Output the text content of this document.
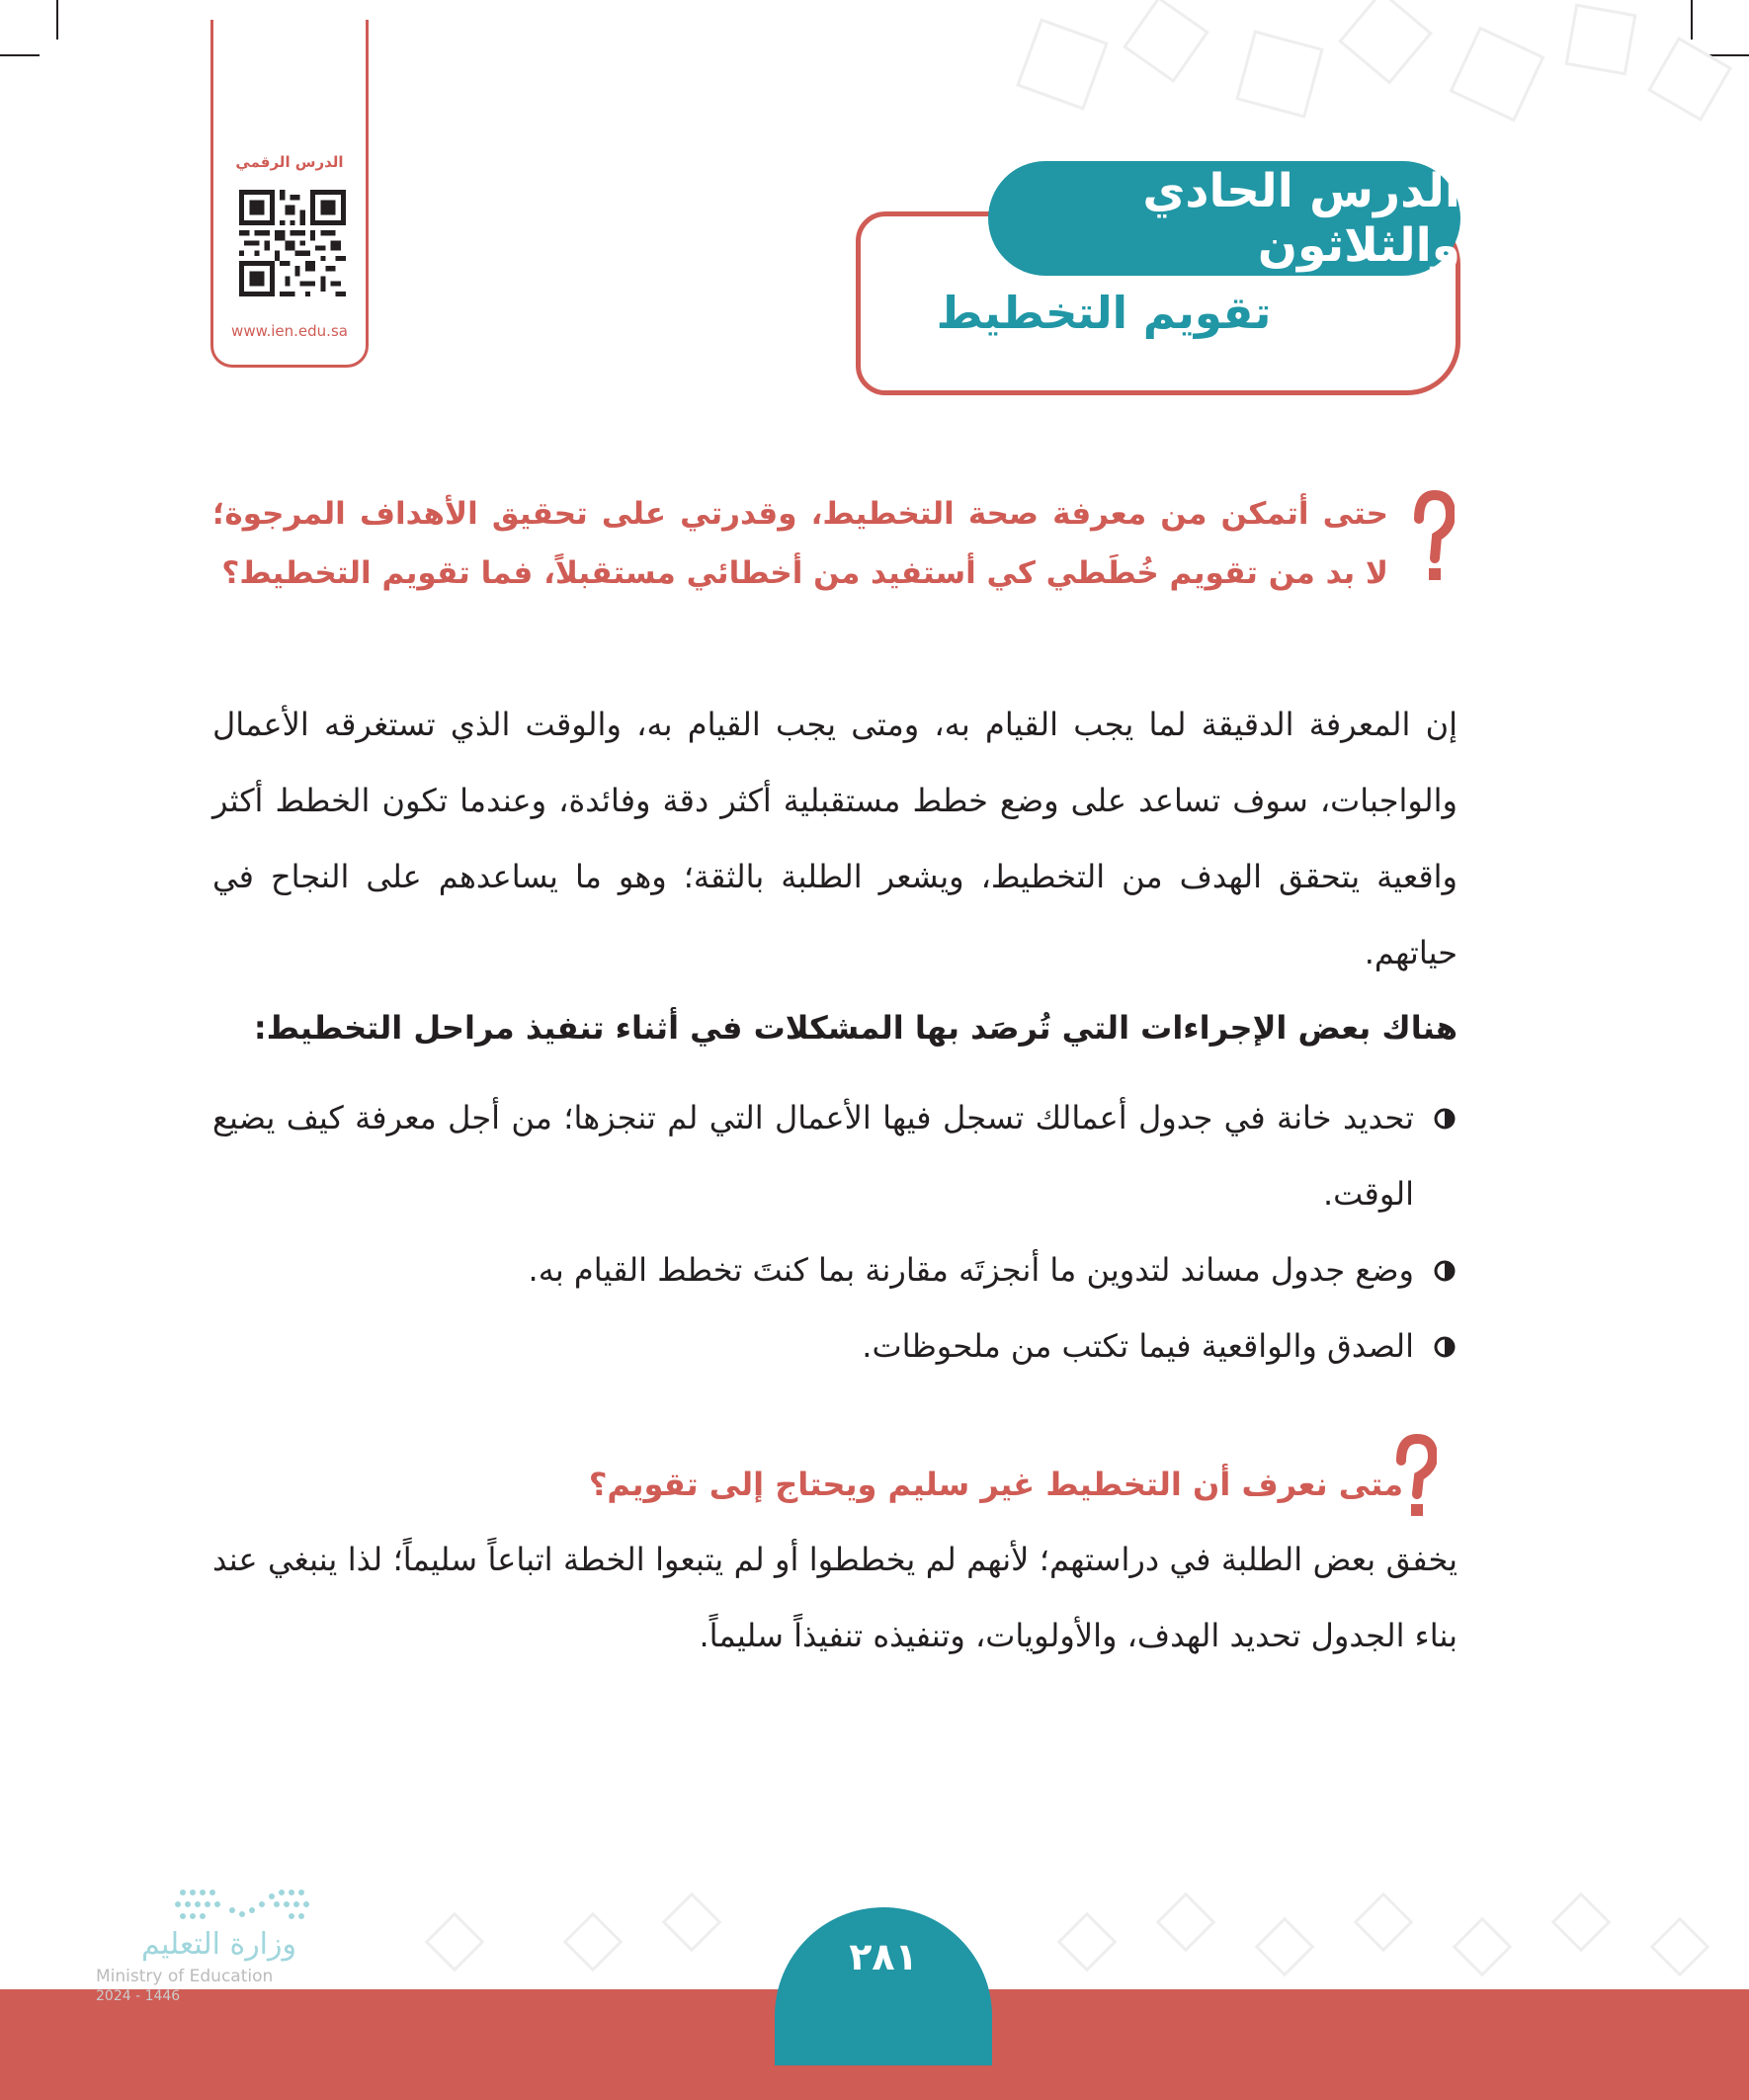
الدرس الرقمي
www.ien.edu.sa
الدرس الحادي والثلاثون
تقويم التخطيط
حتى أتمكن من معرفة صحة التخطيط، وقدرتي على تحقيق الأهداف المرجوة؛ لا بد من تقويم خُطَطي كي أستفيد من أخطائي مستقبلاً، فما تقويم التخطيط؟
إن المعرفة الدقيقة لما يجب القيام به، ومتى يجب القيام به، والوقت الذي تستغرقه الأعمال والواجبات، سوف تساعد على وضع خطط مستقبلية أكثر دقة وفائدة، وعندما تكون الخطط أكثر واقعية يتحقق الهدف من التخطيط، ويشعر الطلبة بالثقة؛ وهو ما يساعدهم على النجاح في حياتهم.
هناك بعض الإجراءات التي تُرصَد بها المشكلات في أثناء تنفيذ مراحل التخطيط:
تحديد خانة في جدول أعمالك تسجل فيها الأعمال التي لم تنجزها؛ من أجل معرفة كيف يضيع الوقت.
وضع جدول مساند لتدوين ما أنجزتَه مقارنة بما كنتَ تخطط القيام به.
الصدق والواقعية فيما تكتب من ملحوظات.
متى نعرف أن التخطيط غير سليم ويحتاج إلى تقويم؟
يخفق بعض الطلبة في دراستهم؛ لأنهم لم يخططوا أو لم يتبعوا الخطة اتباعاً سليماً؛ لذا ينبغي عند بناء الجدول تحديد الهدف، والأولويات، وتنفيذه تنفيذاً سليماً.
٢٨١
وزارة التعليم
Ministry of Education
2024 - 1446
